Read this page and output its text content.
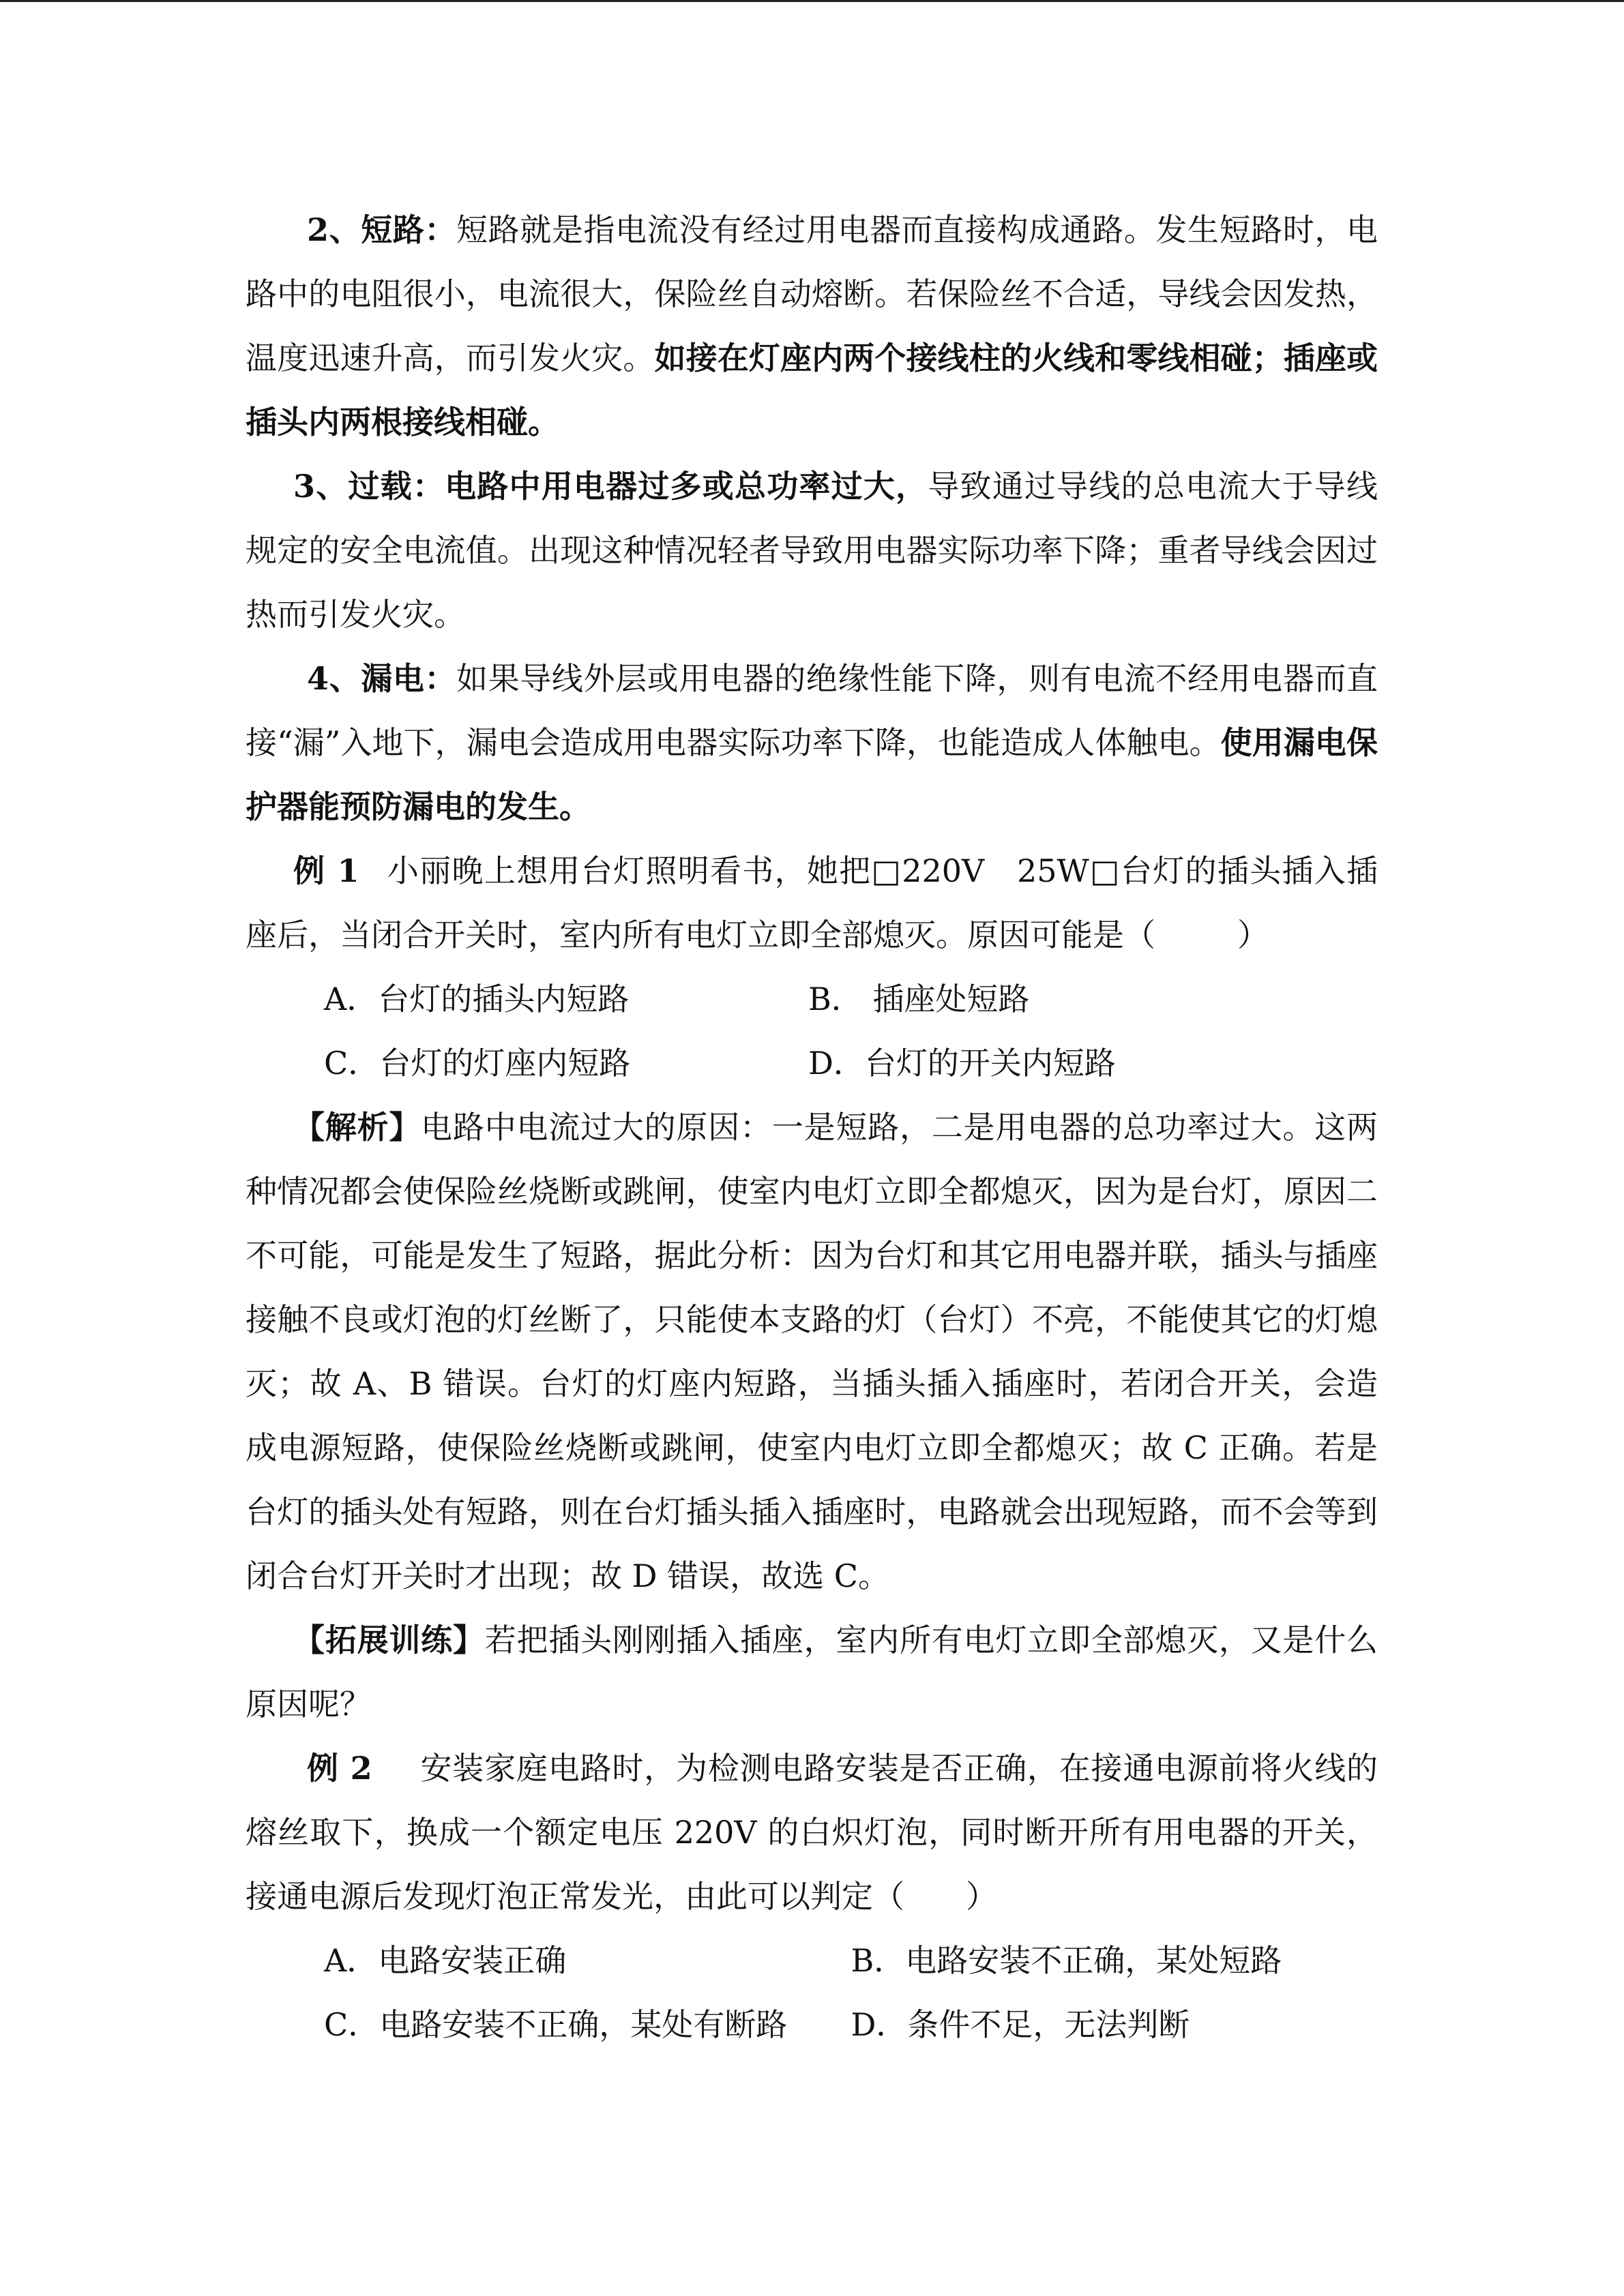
2、短路：短路就是指电流没有经过用电器而直接构成通路。发生短路时，电路中的电阻很小，电流很大，保险丝自动熔断。若保险丝不合适，导线会因发热，温度迅速升高，而引发火灾。如接在灯座内两个接线柱的火线和零线相碰；插座或插头内两根接线相碰。

3、过载：电路中用电器过多或总功率过大，导致通过导线的总电流大于导线规定的安全电流值。出现这种情况轻者导致用电器实际功率下降；重者导线会因过热而引发火灾。

4、漏电：如果导线外层或用电器的绝缘性能下降，则有电流不经用电器而直接“漏”入地下，漏电会造成用电器实际功率下降，也能造成人体触电。使用漏电保护器能预防漏电的发生。

例 1 小丽晚上想用台灯照明看书，她把□220V   25W□台灯的插头插入插座后，当闭合开关时，室内所有电灯立即全部熄灭。原因可能是（	）

A．台灯的插头内短路	B． 插座处短路
C．台灯的灯座内短路	D．台灯的开关内短路

【解析】电路中电流过大的原因：一是短路，二是用电器的总功率过大。这两种情况都会使保险丝烧断或跳闸，使室内电灯立即全都熄灭，因为是台灯，原因二不可能，可能是发生了短路，据此分析：因为台灯和其它用电器并联，插头与插座接触不良或灯泡的灯丝断了，只能使本支路的灯（台灯）不亮，不能使其它的灯熄灭；故 A、B 错误。台灯的灯座内短路，当插头插入插座时，若闭合开关，会造成电源短路，使保险丝烧断或跳闸，使室内电灯立即全都熄灭；故 C 正确。若是台灯的插头处有短路，则在台灯插头插入插座时，电路就会出现短路，而不会等到闭合台灯开关时才出现；故 D 错误，故选 C。

【拓展训练】若把插头刚刚插入插座，室内所有电灯立即全部熄灭，又是什么原因呢？

例 2 安装家庭电路时，为检测电路安装是否正确，在接通电源前将火线的熔丝取下，换成一个额定电压 220V 的白炽灯泡，同时断开所有用电器的开关，接通电源后发现灯泡正常发光，由此可以判定（ ）

A．电路安装正确	B．电路安装不正确，某处短路
C．电路安装不正确，某处有断路	D．条件不足，无法判断
